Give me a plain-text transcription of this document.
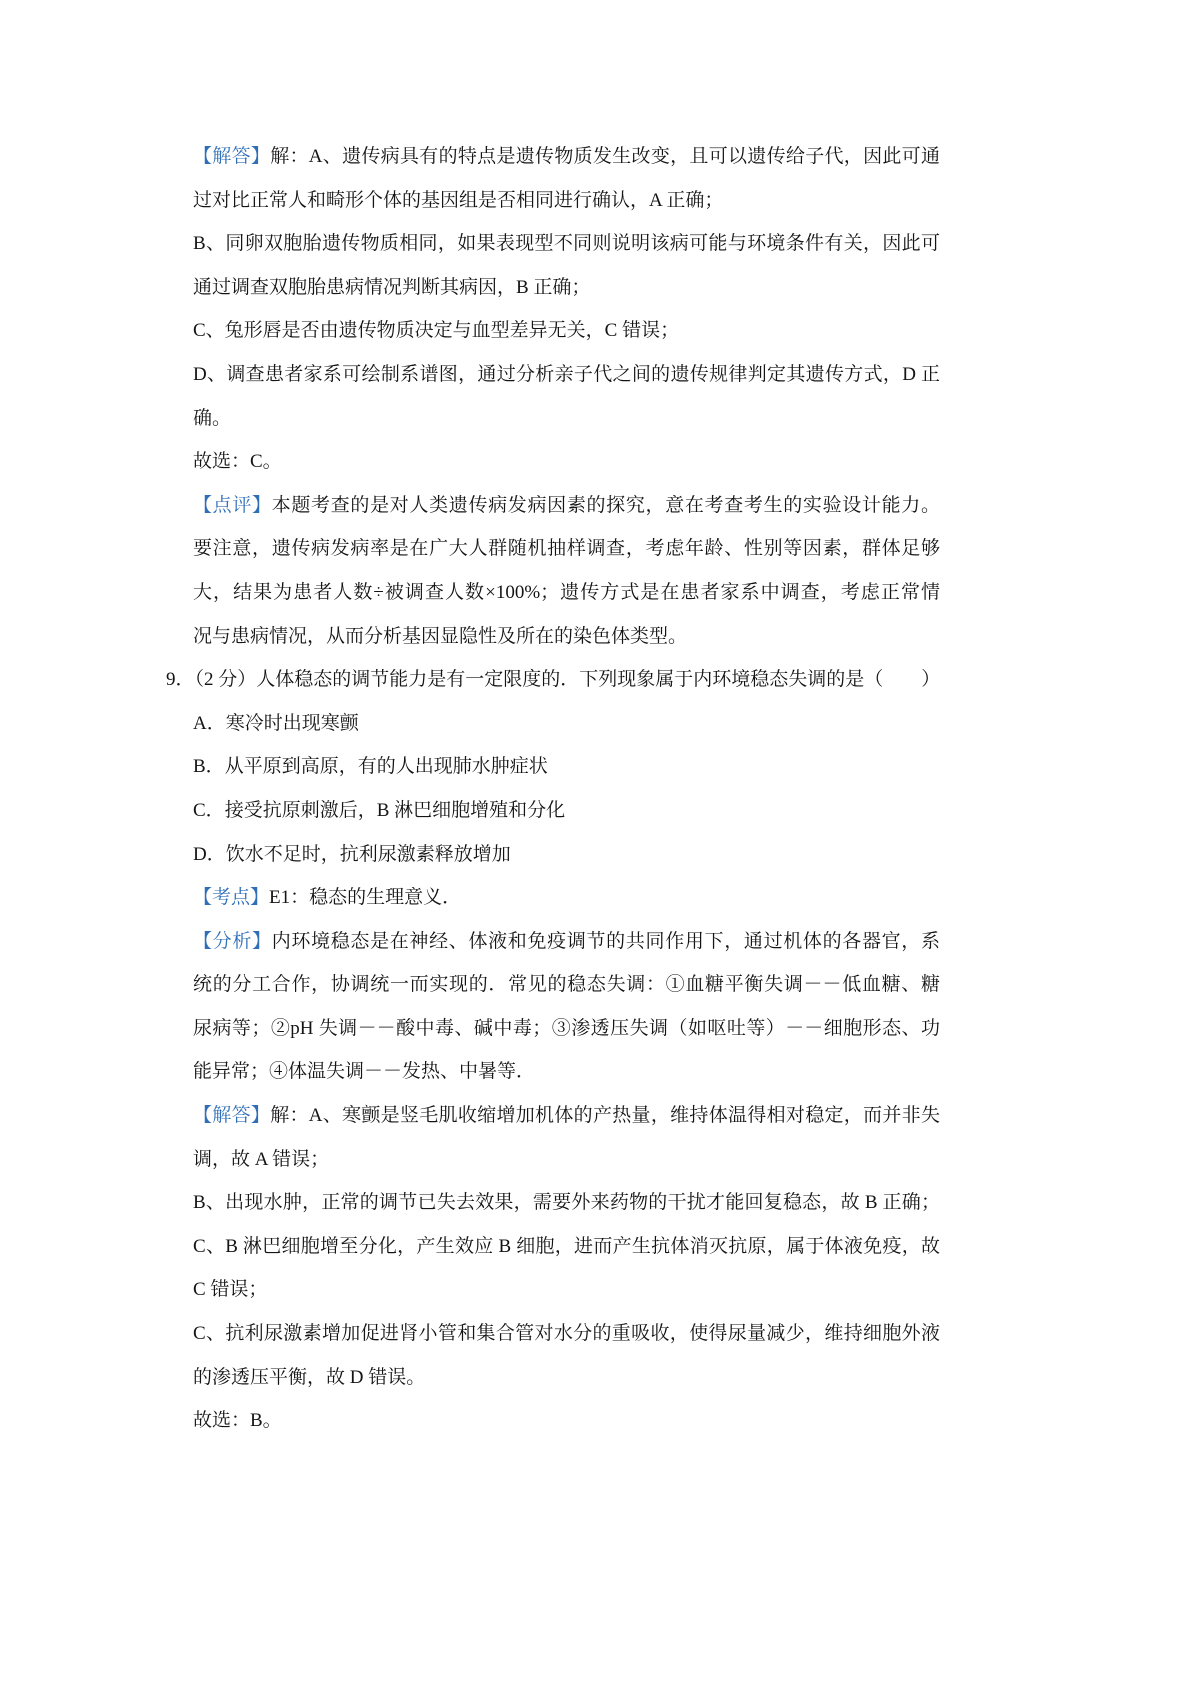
【解答】解：A、遗传病具有的特点是遗传物质发生改变，且可以遗传给子代，因此可通
过对比正常人和畸形个体的基因组是否相同进行确认，A 正确；
B、同卵双胞胎遗传物质相同，如果表现型不同则说明该病可能与环境条件有关，因此可
通过调查双胞胎患病情况判断其病因，B 正确；
C、兔形唇是否由遗传物质决定与血型差异无关，C 错误；
D、调查患者家系可绘制系谱图，通过分析亲子代之间的遗传规律判定其遗传方式，D 正
确。
故选：C。
【点评】本题考查的是对人类遗传病发病因素的探究，意在考查考生的实验设计能力。
要注意，遗传病发病率是在广大人群随机抽样调查，考虑年龄、性别等因素，群体足够
大，结果为患者人数÷被调查人数×100%；遗传方式是在患者家系中调查，考虑正常情
况与患病情况，从而分析基因显隐性及所在的染色体类型。
9．（2 分）人体稳态的调节能力是有一定限度的．下列现象属于内环境稳态失调的是（　　）
A．寒冷时出现寒颤
B．从平原到高原，有的人出现肺水肿症状
C．接受抗原刺激后，B 淋巴细胞增殖和分化
D．饮水不足时，抗利尿激素释放增加
【考点】E1：稳态的生理意义．
【分析】内环境稳态是在神经、体液和免疫调节的共同作用下，通过机体的各器官，系
统的分工合作，协调统一而实现的．常见的稳态失调：①血糖平衡失调－－低血糖、糖
尿病等；②pH 失调－－酸中毒、碱中毒；③渗透压失调（如呕吐等）－－细胞形态、功
能异常；④体温失调－－发热、中暑等．
【解答】解：A、寒颤是竖毛肌收缩增加机体的产热量，维持体温得相对稳定，而并非失
调，故 A 错误；
B、出现水肿，正常的调节已失去效果，需要外来药物的干扰才能回复稳态，故 B 正确；
C、B 淋巴细胞增至分化，产生效应 B 细胞，进而产生抗体消灭抗原，属于体液免疫，故
C 错误；
C、抗利尿激素增加促进肾小管和集合管对水分的重吸收，使得尿量减少，维持细胞外液
的渗透压平衡，故 D 错误。
故选：B。
